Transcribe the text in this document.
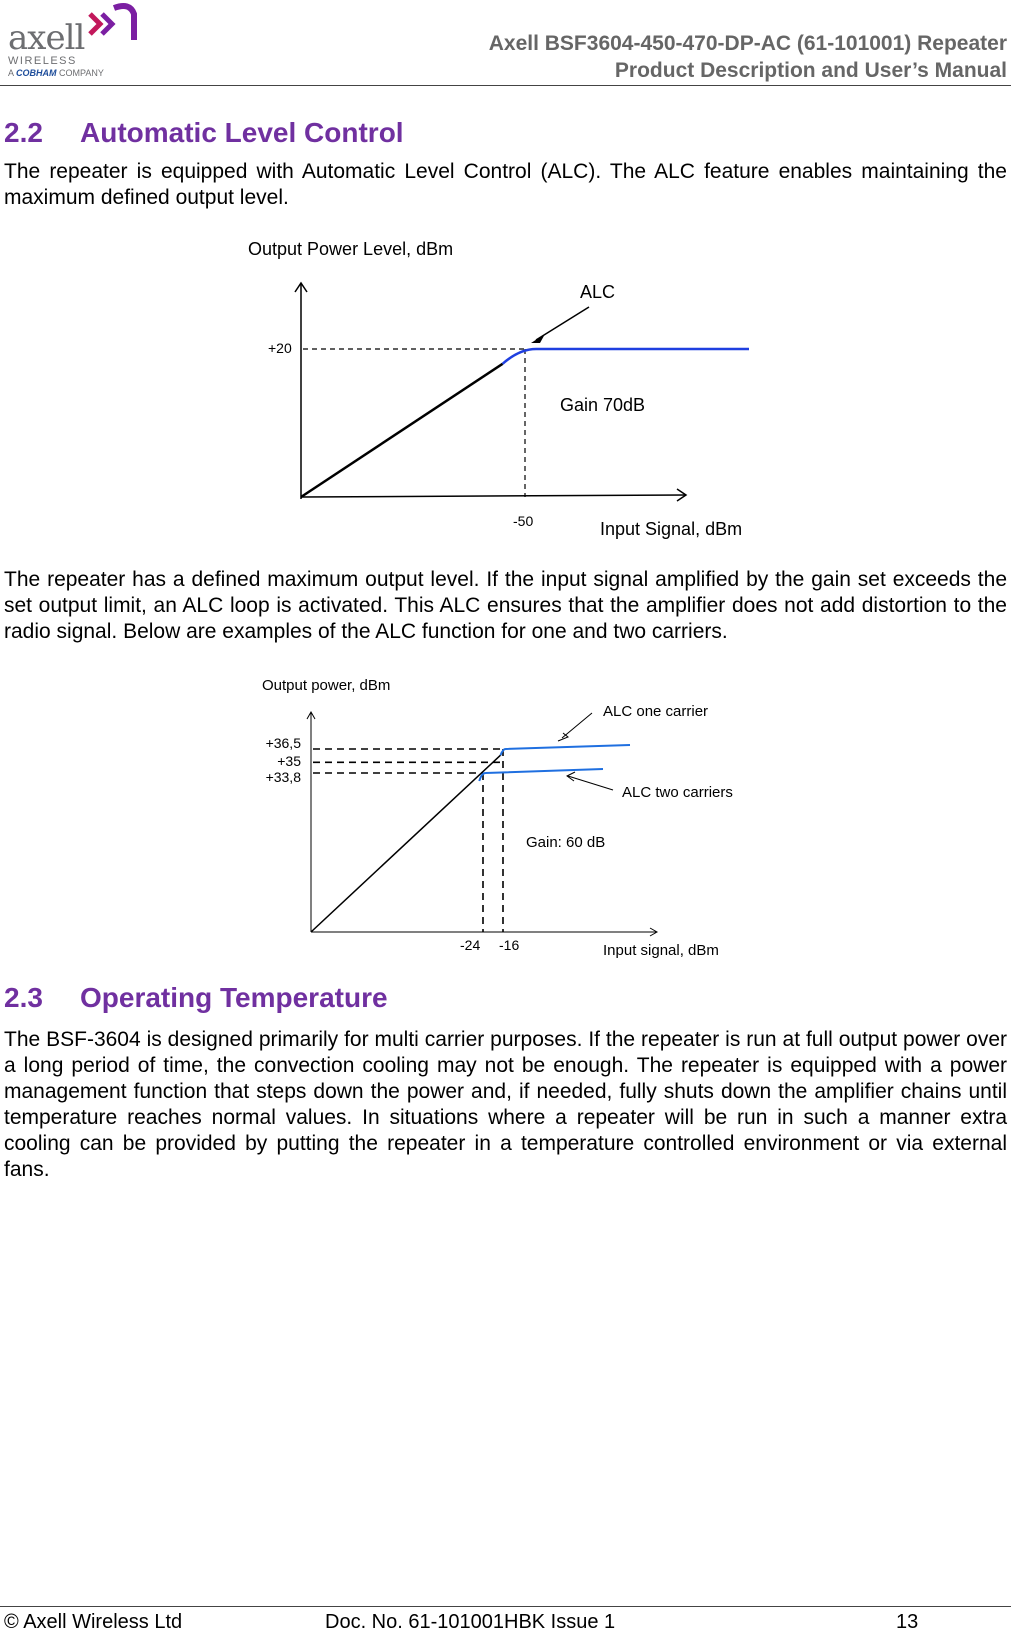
axell
WIRELESS
A COBHAM COMPANY
Axell BSF3604-450-470-DP-AC (61-101001) Repeater
Product Description and User’s Manual
2.2 Automatic Level Control

The repeater is equipped with Automatic Level Control (ALC). The ALC feature enables maintaining the maximum defined output level.

Output Power Level, dBm
Input Signal, dBm
+20
-50
ALC
Gain 70dB

The repeater has a defined maximum output level. If the input signal amplified by the gain set exceeds the set output limit, an ALC loop is activated. This ALC ensures that the amplifier does not add distortion to the radio signal. Below are examples of the ALC function for one and two carriers.

Output power, dBm
Input signal, dBm
+36,5
+35
+33,8
-24 -16
ALC one carrier
ALC two carriers
Gain: 60 dB
2.3 Operating Temperature

The BSF-3604 is designed primarily for multi carrier purposes. If the repeater is run at full output power over a long period of time, the convection cooling may not be enough. The repeater is equipped with a power management function that steps down the power and, if needed, fully shuts down the amplifier chains until temperature reaches normal values. In situations where a repeater will be run in such a manner extra cooling can be provided by putting the repeater in a temperature controlled environment or via external fans.

© Axell Wireless Ltd	Doc. No. 61-101001HBK Issue 1	13
